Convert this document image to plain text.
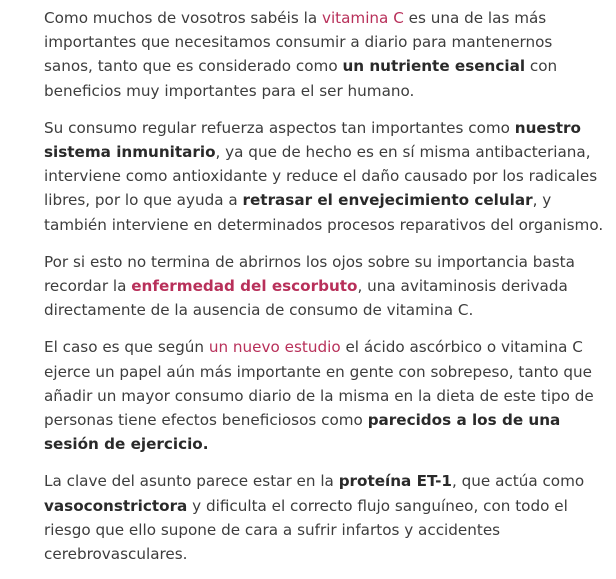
Como muchos de vosotros sabéis la vitamina C es una de las más importantes que necesitamos consumir a diario para mantenernos sanos, tanto que es considerado como un nutriente esencial con beneficios muy importantes para el ser humano.

Su consumo regular refuerza aspectos tan importantes como nuestro sistema inmunitario, ya que de hecho es en sí misma antibacteriana, interviene como antioxidante y reduce el daño causado por los radicales libres, por lo que ayuda a retrasar el envejecimiento celular, y también interviene en determinados procesos reparativos del organismo.

Por si esto no termina de abrirnos los ojos sobre su importancia basta recordar la enfermedad del escorbuto, una avitaminosis derivada directamente de la ausencia de consumo de vitamina C.

El caso es que según un nuevo estudio el ácido ascórbico o vitamina C ejerce un papel aún más importante en gente con sobrepeso, tanto que añadir un mayor consumo diario de la misma en la dieta de este tipo de personas tiene efectos beneficiosos como parecidos a los de una sesión de ejercicio.

La clave del asunto parece estar en la proteína ET-1, que actúa como vasoconstrictora y dificulta el correcto flujo sanguíneo, con todo el riesgo que ello supone de cara a sufrir infartos y accidentes cerebrovasculares.
